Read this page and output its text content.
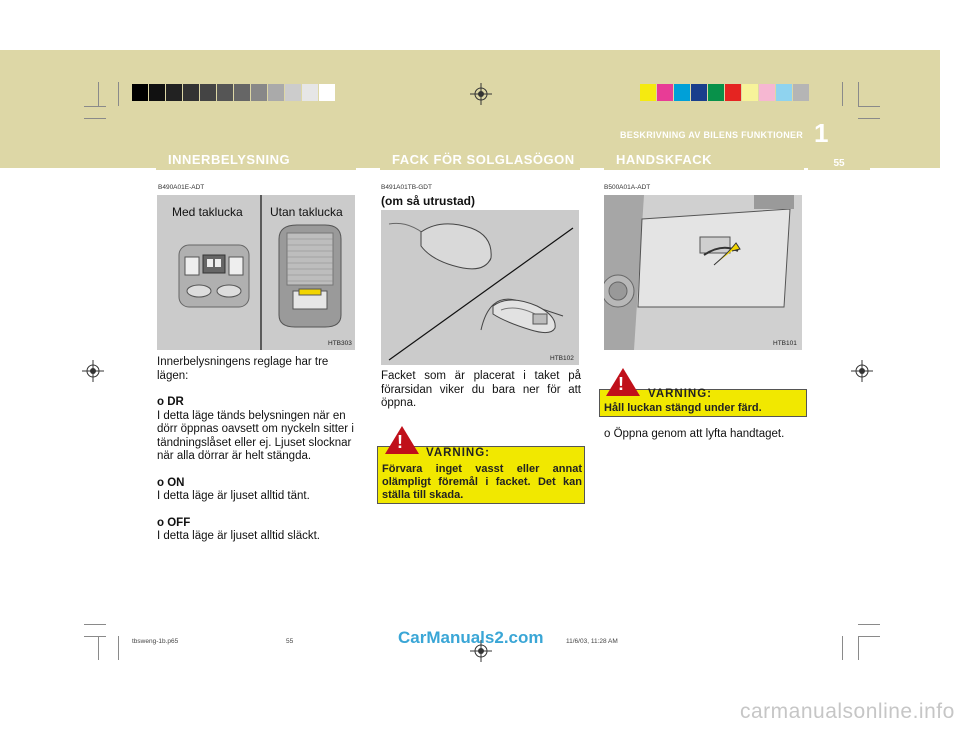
BESKRIVNING AV BILENS FUNKTIONER 1
55
INNERBELYSNING	FACK FÖR SOLGLASÖGON	HANDSKFACK
B490A01E-ADT
Med taklucka Utan taklucka
HTB303

Innerbelysningens reglage har tre lägen:

o DR
I detta läge tänds belysningen när en dörr öppnas oavsett om nyckeln sitter i tändningslåset eller ej. Ljuset slocknar när alla dörrar är helt stängda.

o ON
I detta läge är ljuset alltid tänt.

o OFF
I detta läge är ljuset alltid släckt.

B491A01TB-GDT
(om så utrustad)
HTB102
Facket som är placerat i taket på förarsidan viker du bara ner för att öppna.
VARNING:
Förvara inget vasst eller annat olämpligt föremål i facket. Det kan ställa till skada.
!
B500A01A-ADT
HTB101
VARNING:
Håll luckan stängd under färd.
!
o Öppna genom att lyfta handtaget.
tbsweng-1b.p65	55	11/6/03, 11:28 AM
CarManuals2.com
carmanualsonline.info
